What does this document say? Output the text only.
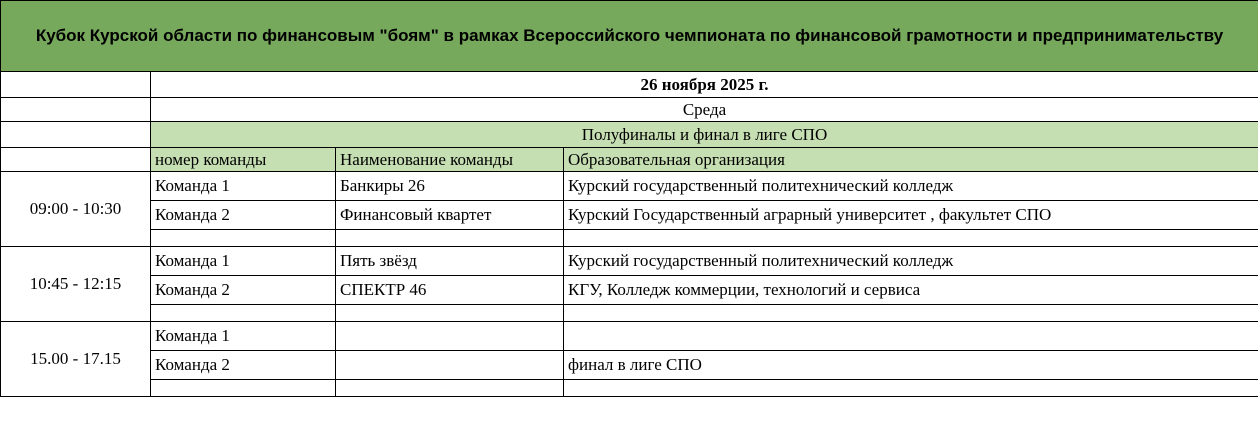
Кубок Курской области по финансовым "боям" в рамках Всероссийского чемпионата по финансовой грамотности и предпринимательству			
	26 ноября 2025 г.		
	Среда		
	Полуфиналы и финал в лиге СПО		
	номер команды	Наименование команды	Образовательная организация
09:00 - 10:30	Команда 1	Банкиры 26	Курский государственный политехнический колледж
	Команда 2	Финансовый квартет	Курский Государственный аграрный университет , факультет СПО

10:45 - 12:15	Команда 1	Пять звёзд	Курский государственный политехнический колледж
	Команда 2	СПЕКТР 46	КГУ, Колледж коммерции, технологий и сервиса

15.00 - 17.15	Команда 1		
	Команда 2		финал в лиге СПО
